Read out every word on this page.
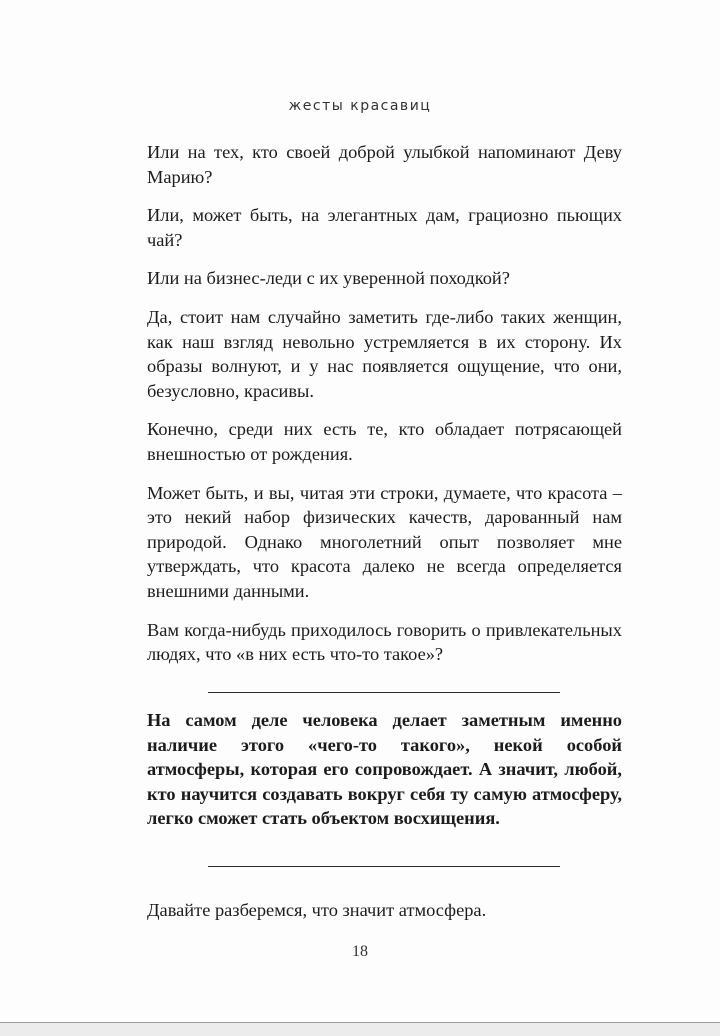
жесты красавиц

Или на тех, кто своей доброй улыбкой напоминают Деву Марию?

Или, может быть, на элегантных дам, грациозно пьющих чай?

Или на бизнес-леди с их уверенной походкой?

Да, стоит нам случайно заметить где-либо таких женщин, как наш взгляд невольно устремляется в их сторону. Их образы волнуют, и у нас появляется ощущение, что они, безусловно, красивы.

Конечно, среди них есть те, кто обладает потрясающей внешностью от рождения.

Может быть, и вы, читая эти строки, думаете, что красота – это некий набор физических качеств, дарованный нам природой. Однако многолетний опыт позволяет мне утверждать, что красота далеко не всегда определяется внешними данными.

Вам когда-нибудь приходилось говорить о привлекательных людях, что «в них есть что-то такое»?

На самом деле человека делает заметным именно наличие этого «чего-то такого», некой особой атмосферы, которая его сопровождает. А значит, любой, кто научится создавать вокруг себя ту самую атмосферу, легко сможет стать объектом восхищения.
Давайте разберемся, что значит атмосфера.
18
